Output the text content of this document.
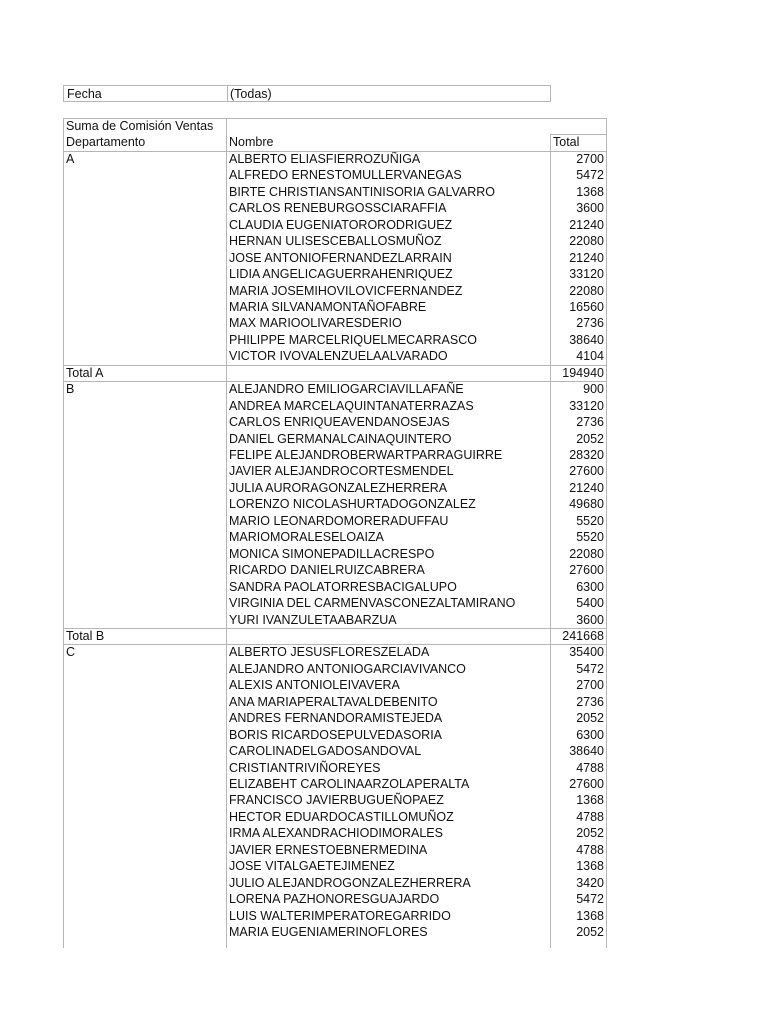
Fecha	(Todas)
Suma de Comisión Ventas
Departamento	Nombre	Total
A	ALBERTO ELIASFIERROZUÑIGA	2700
ALFREDO ERNESTOMULLERVANEGAS	5472
BIRTE CHRISTIANSANTINISORIA GALVARRO	1368
CARLOS RENEBURGOSSCIARAFFIA	3600
CLAUDIA EUGENIATORORODRIGUEZ	21240
HERNAN ULISESCEBALLOSMUÑOZ	22080
JOSE ANTONIOFERNANDEZLARRAIN	21240
LIDIA ANGELICAGUERRAHENRIQUEZ	33120
MARIA JOSEMIHOVILOVICFERNANDEZ	22080
MARIA SILVANAMONTAÑOFABRE	16560
MAX MARIOOLIVARESDERIO	2736
PHILIPPE MARCELRIQUELMECARRASCO	38640
VICTOR IVOVALENZUELAALVARADO	4104
Total A	194940
B	ALEJANDRO EMILIOGARCIAVILLAFAÑE	900
ANDREA MARCELAQUINTANATERRAZAS	33120
CARLOS ENRIQUEAVENDANOSEJAS	2736
DANIEL GERMANALCAINAQUINTERO	2052
FELIPE ALEJANDROBERWARTPARRAGUIRRE	28320
JAVIER ALEJANDROCORTESMENDEL	27600
JULIA AURORAGONZALEZHERRERA	21240
LORENZO NICOLASHURTADOGONZALEZ	49680
MARIO LEONARDOMORERADUFFAU	5520
MARIOMORALESELOAIZA	5520
MONICA SIMONEPADILLACRESPO	22080
RICARDO DANIELRUIZCABRERA	27600
SANDRA PAOLATORRESBACIGALUPO	6300
VIRGINIA DEL CARMENVASCONEZALTAMIRANO	5400
YURI IVANZULETAABARZUA	3600
Total B	241668
C	ALBERTO JESUSFLORESZELADA	35400
ALEJANDRO ANTONIOGARCIAVIVANCO	5472
ALEXIS ANTONIOLEIVAVERA	2700
ANA MARIAPERALTAVALDEBENITO	2736
ANDRES FERNANDORAMISTEJEDA	2052
BORIS RICARDOSEPULVEDASORIA	6300
CAROLINADELGADOSANDOVAL	38640
CRISTIANTRIVIÑOREYES	4788
ELIZABEHT CAROLINAARZOLAPERALTA	27600
FRANCISCO JAVIERBUGUEÑOPAEZ	1368
HECTOR EDUARDOCASTILLOMUÑOZ	4788
IRMA ALEXANDRACHIODIMORALES	2052
JAVIER ERNESTOEBNERMEDINA	4788
JOSE VITALGAETEJIMENEZ	1368
JULIO ALEJANDROGONZALEZHERRERA	3420
LORENA PAZHONORESGUAJARDO	5472
LUIS WALTERIMPERATOREGARRIDO	1368
MARIA EUGENIAMERINOFLORES	2052
